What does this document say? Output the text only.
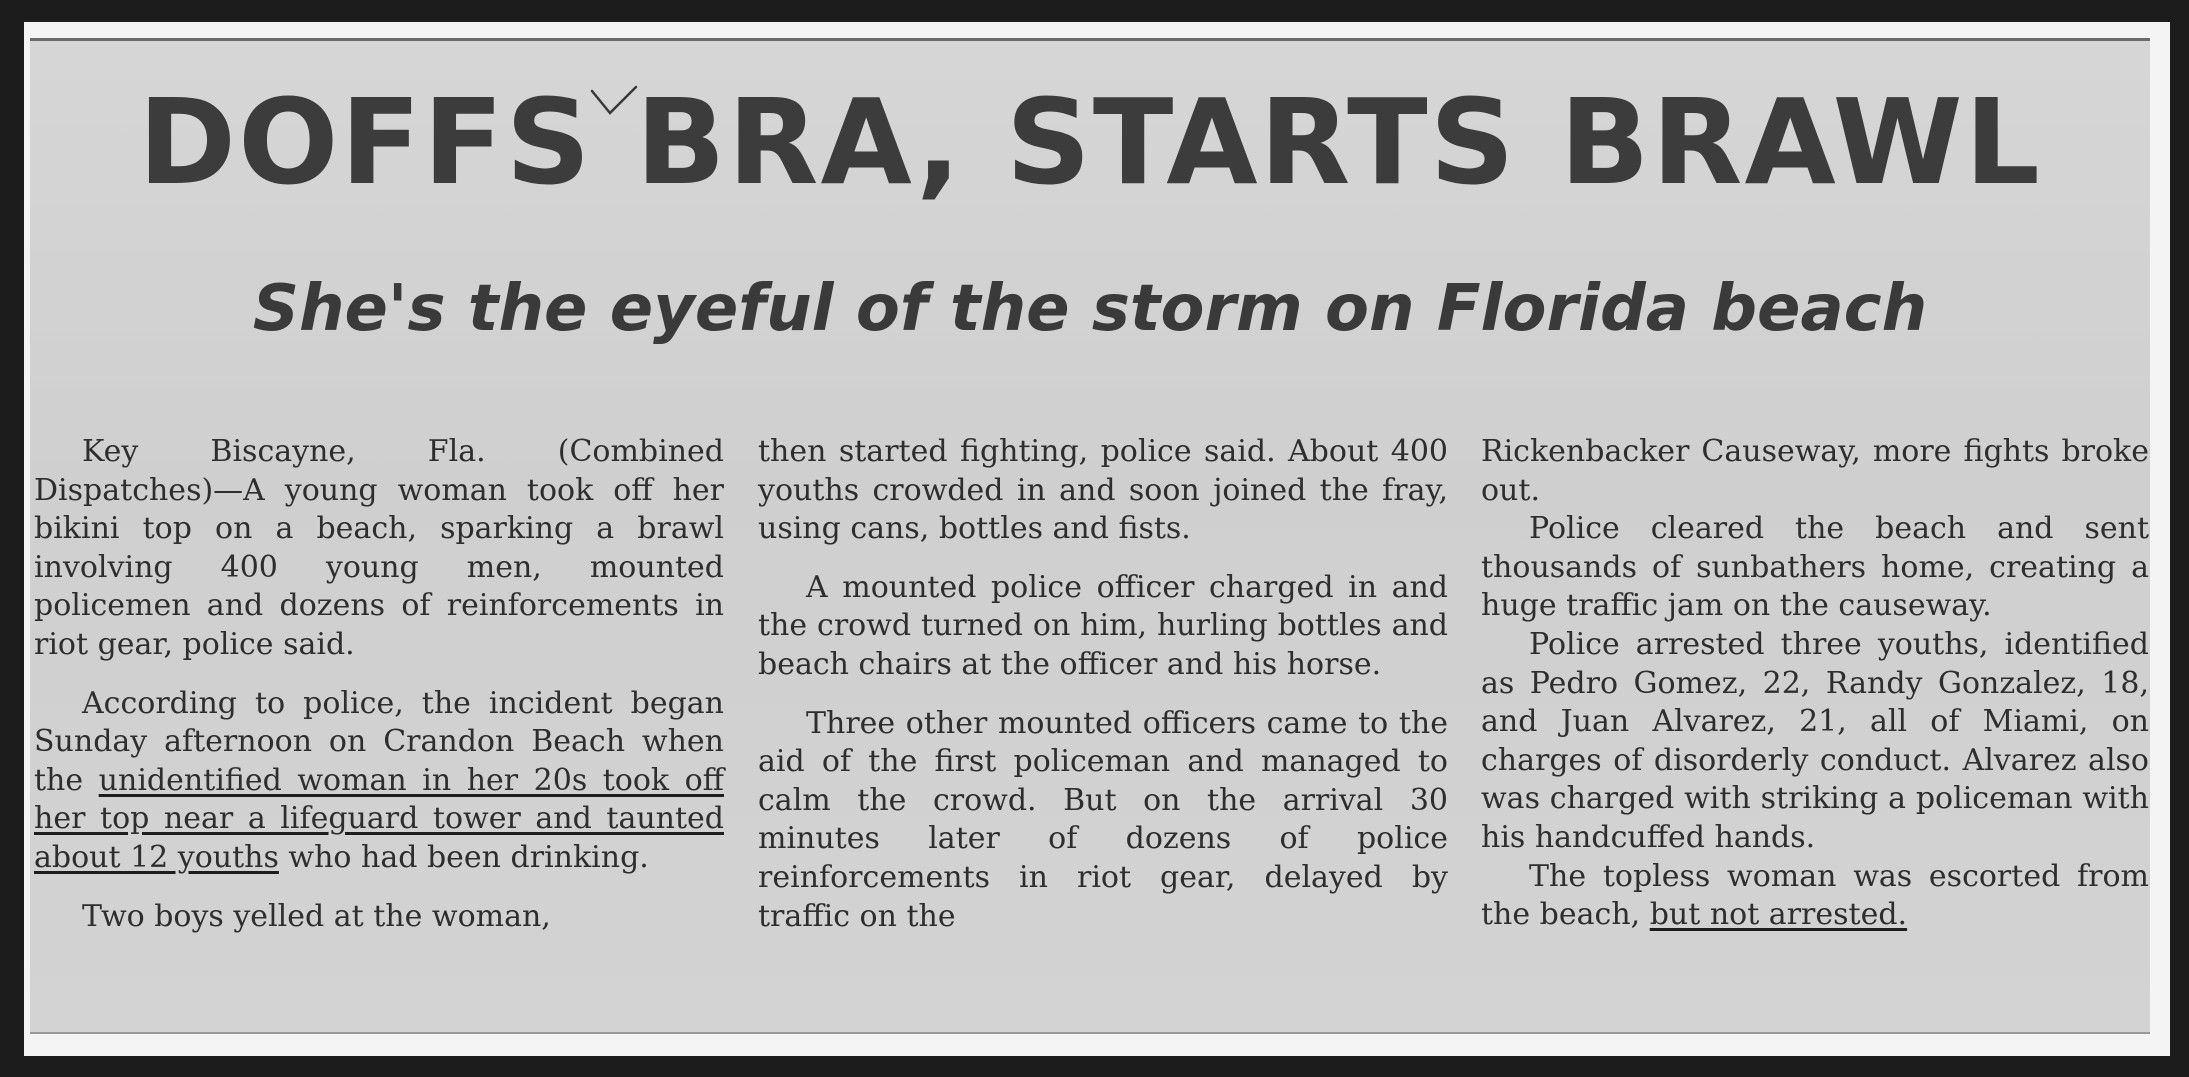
DOFFS BRA, STARTS BRAWL
She's the eyeful of the storm on Florida beach

Key Biscayne, Fla. (Combined Dispatches)—A young woman took off her bikini top on a beach, sparking a brawl involving 400 young men, mounted policemen and dozens of reinforcements in riot gear, police said.

According to police, the incident began Sunday afternoon on Crandon Beach when the unidentified woman in her 20s took off her top near a lifeguard tower and taunted about 12 youths who had been drinking.

Two boys yelled at the woman,

then started fighting, police said. About 400 youths crowded in and soon joined the fray, using cans, bottles and fists.

A mounted police officer charged in and the crowd turned on him, hurling bottles and beach chairs at the officer and his horse.

Three other mounted officers came to the aid of the first policeman and managed to calm the crowd. But on the arrival 30 minutes later of dozens of police reinforcements in riot gear, delayed by traffic on the

Rickenbacker Causeway, more fights broke out.

Police cleared the beach and sent thousands of sunbathers home, creating a huge traffic jam on the causeway.

Police arrested three youths, identified as Pedro Gomez, 22, Randy Gonzalez, 18, and Juan Alvarez, 21, all of Miami, on charges of disorderly conduct. Alvarez also was charged with striking a policeman with his handcuffed hands.

The topless woman was escorted from the beach, but not arrested.
